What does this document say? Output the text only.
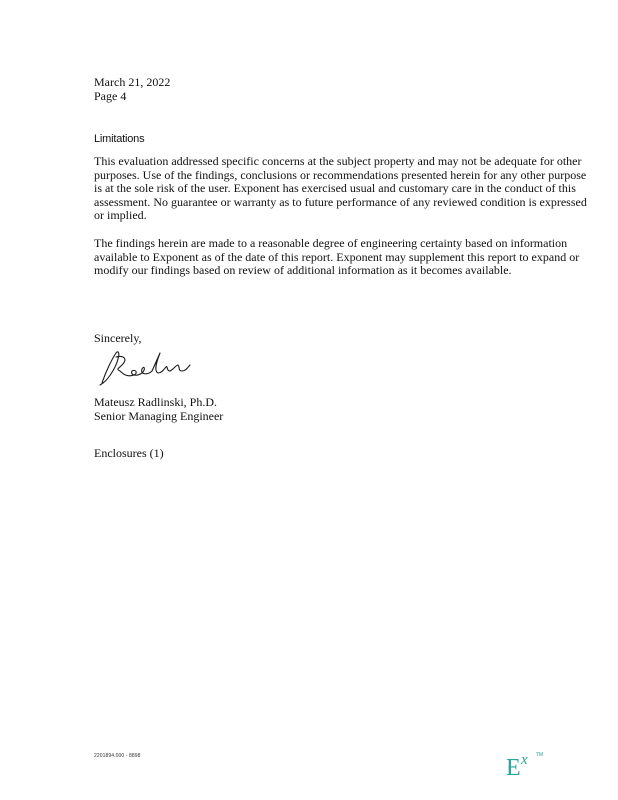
March 21, 2022
Page 4
Limitations

This evaluation addressed specific concerns at the subject property and may not be adequate for other purposes. Use of the findings, conclusions or recommendations presented herein for any other purpose is at the sole risk of the user. Exponent has exercised usual and customary care in the conduct of this assessment. No guarantee or warranty as to future performance of any reviewed condition is expressed or implied.

The findings herein are made to a reasonable degree of engineering certainty based on information available to Exponent as of the date of this report. Exponent may supplement this report to expand or modify our findings based on review of additional information as it becomes available.

Sincerely,
Mateusz Radlinski, Ph.D.
Senior Managing Engineer
Enclosures (1)
2201894.000 - 8898	E x TM
